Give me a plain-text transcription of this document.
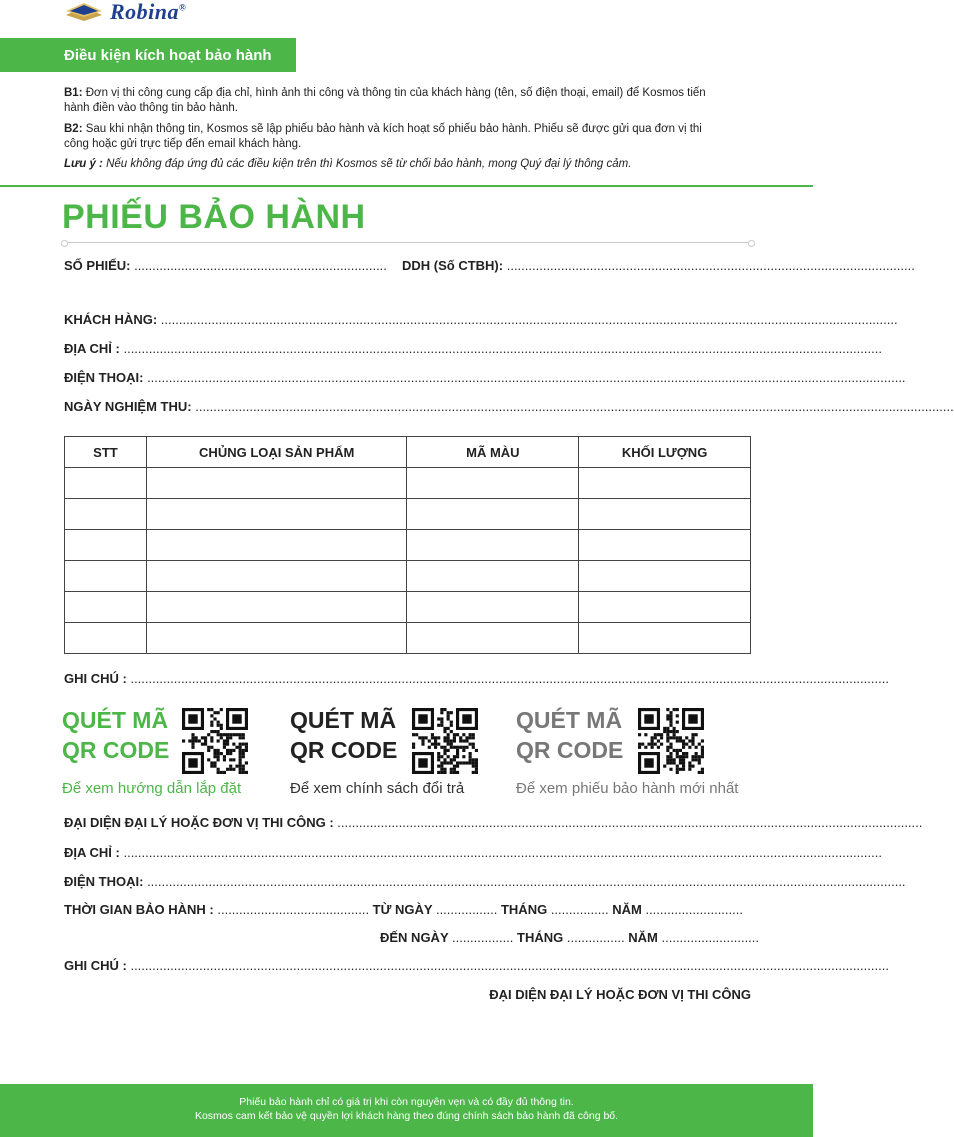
Robina®
Điều kiện kích hoạt bảo hành
B1: Đơn vị thi công cung cấp địa chỉ, hình ảnh thi công và thông tin của khách hàng (tên, số điện thoại, email) để Kosmos tiến hành điền vào thông tin bảo hành.
B2: Sau khi nhận thông tin, Kosmos sẽ lập phiếu bảo hành và kích hoạt số phiếu bảo hành. Phiếu sẽ được gửi qua đơn vị thi công hoặc gửi trực tiếp đến email khách hàng.
Lưu ý : Nếu không đáp ứng đủ các điều kiện trên thì Kosmos sẽ từ chối bảo hành, mong Quý đại lý thông cảm.
PHIẾU BẢO HÀNH
SỐ PHIẾU: ...................................................................... DDH (Số CTBH): .................................................................................................................
KHÁCH HÀNG: ............................................................................................................................................................................................................
ĐỊA CHỈ : ..................................................................................................................................................................................................................
ĐIỆN THOẠI: ..................................................................................................................................................................................................................
NGÀY NGHIỆM THU: ..................................................................................................................................................................................................................
STT	CHỦNG LOẠI SẢN PHẨM	MÃ MÀU	KHỐI LƯỢNG

GHI CHÚ : ..................................................................................................................................................................................................................
QUÉT MÃ
QR CODE
Để xem hướng dẫn lắp đặt
QUÉT MÃ
QR CODE
Để xem chính sách đổi trả
QUÉT MÃ
QR CODE
Để xem phiếu bảo hành mới nhất
ĐẠI DIỆN ĐẠI LÝ HOẶC ĐƠN VỊ THI CÔNG : ..................................................................................................................................................................
ĐỊA CHỈ : ..................................................................................................................................................................................................................
ĐIỆN THOẠI: ..................................................................................................................................................................................................................
THỜI GIAN BẢO HÀNH : .......................................... TỪ NGÀY ................. THÁNG ................ NĂM ...........................
ĐẾN NGÀY ................. THÁNG ................ NĂM ...........................
GHI CHÚ : ..................................................................................................................................................................................................................
ĐẠI DIỆN ĐẠI LÝ HOẶC ĐƠN VỊ THI CÔNG
Phiếu bảo hành chỉ có giá trị khi còn nguyên vẹn và có đầy đủ thông tin.
Kosmos cam kết bảo vệ quyền lợi khách hàng theo đúng chính sách bảo hành đã công bố.
